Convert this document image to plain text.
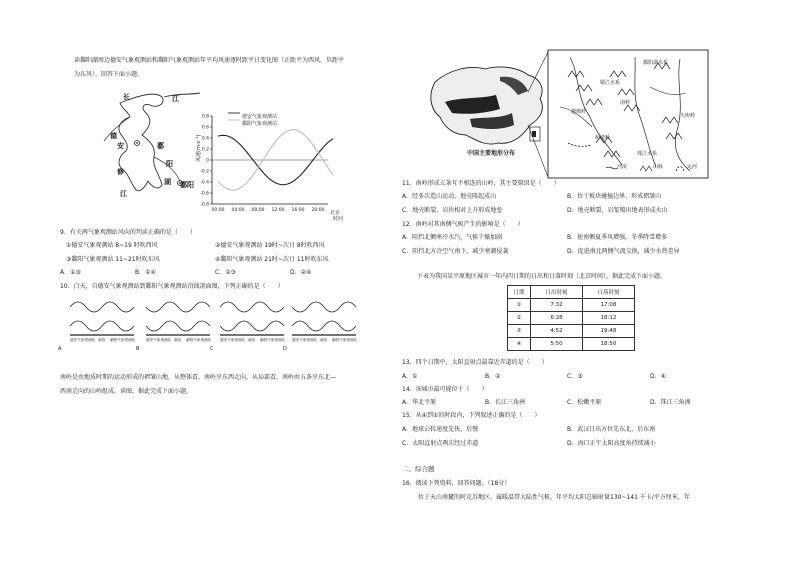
读鄱阳湖周边德安气象观测站和鄱阳气象观测站年平均风速逐时距平日变化图（正距平为西风，负距平
为东风），回答下面小题。
长	江
德
安	鄱
阳
湖
修
江
鄱阳
0.8
0.6
0.4
0.2
0
-0.2
-0.4
-0.6
-0.8
00:00 04:00 08:00 12:00 16:00 20:00
德安气象观测站
鄱阳气象观测站
风速(m·s⁻¹)
北京
时间
9．有关两气象观测站风向的判读正确的是（　　）
①德安气象观测站 8~19 时吹西风	②德安气象观测站 19时~次日 8时吹西风
③鄱阳气象观测站 11~21时吹东风	④鄱阳气象观测站 21时~次日 11时吹东风
A．①③	B．①④	C．②③	D．②④
10．白天，自德安气象观测站到鄱阳气象观测站沿线剖面图，下列正确的是（　　）
A	B	C	D
德安气象观测站 湖泊 鄱阳气象观测站	德安气象观测站 湖泊 鄱阳气象观测站 德安气象观测站 湖泊 鄱阳气象观测站 德安气象观测站 湖泊 鄱阳气象观测站
南岭是由地质时期的运动形成的褶皱山地，从整体看，南岭呈东西走向，从局部看，南岭由五条呈东北—
西南走向的山岭组成。读图，据此完成下面小题。
中国主要地形分布
赣江水系
鄱阳湖水系
珠江水系
南岭
越城岭
萌渚岭
大庾岭
河流	山脉	运河
11．南岭形成五条互不相连的山岭，其主要原因是（　　）
A．经多次造山运动，地壳隆起成山	B．位于板块碰撞边界，形成褶皱山
C．地壳断裂，岩块相对上升形成地垒	D．地壳断裂，岩浆喷出地表形成火山
12．南岭对其南侧气候产生的影响是（　　）
A．阻挡北侧寒冷水汽，气候干燥加剧	B．使南侧夏季风增强，冬季降雪增多
C．阻挡北方冷空气南下，减少寒潮侵袭	D．促进南北两侧气流交换，减少水热差异
下表为我国某平原地区城市一年内四日期的日出和日落时刻（北京时间），据此完成下面小题。
日期	日出时刻	日落时刻
①	7:32	17:08
②	6:28	18:12
③	4:52	19:48
④	5:50	18:50
13．四个日期中，太阳直射点最靠近赤道的是（　　）
A．①	B．②	C．③	D．④
14．该城市最可能位于（　　）
A．华北平原	B．长江三角洲	C．松嫩平原	D．珠江三角洲
15．从④到①的时段内，下列叙述正确的是（　　）
A．地球公转速度先快，后慢	B．武汉日出方位先东北，后东南
C．太阳直射点两次经过赤道	D．海口正午太阳高度角持续减小
二、综合题
16．阅读下列资料，回答问题。（18分）
位于天山南麓的阿克苏地区，属暖温带大陆性气候，年平均太阳总辐射量130~141 千卡/平方厘米，年
